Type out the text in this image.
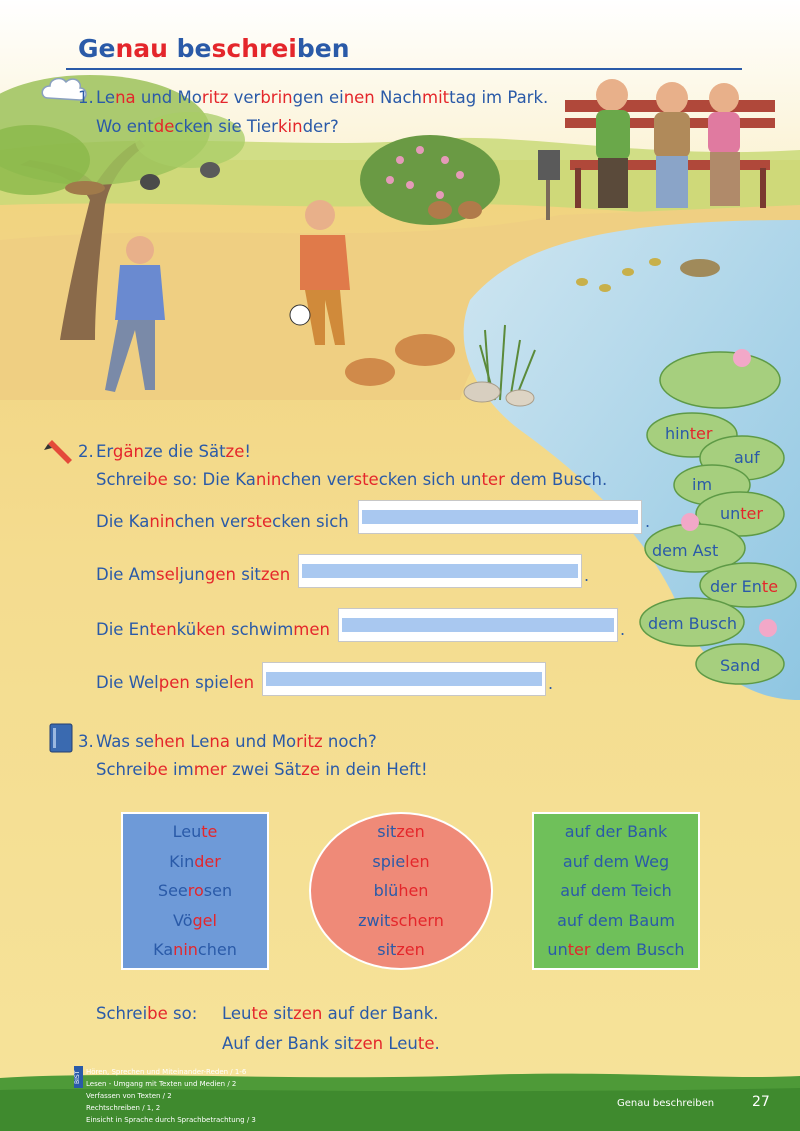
Genau beschreiben
1. Lena und Moritz verbringen einen Nachmittag im Park.
Wo entdecken sie Tierkinder?
2. Ergänze die Sätze!
Schreibe so: Die Kaninchen verstecken sich unter dem Busch.
Die Kaninchen verstecken sich	.
Die Amseljungen sitzen	.
Die Entenküken schwimmen	.
Die Welpen spielen	.
hinter
auf
im
unter
dem Ast
der Ente
dem Busch
Sand
3. Was sehen Lena und Moritz noch?
Schreibe immer zwei Sätze in dein Heft!
Leute
Kinder
Seerosen
Vögel
Kaninchen
sitzen
spielen
blühen
zwitschern
sitzen
auf der Bank
auf dem Weg
auf dem Teich
auf dem Baum
unter dem Busch
Schreibe so: Leute sitzen auf der Bank.
Auf der Bank sitzen Leute.
BIST Hören, Sprechen und Miteinander-Reden / 1-6
Lesen - Umgang mit Texten und Medien / 2
Verfassen von Texten / 2
Rechtschreiben / 1, 2
Einsicht in Sprache durch Sprachbetrachtung / 3
Genau beschreiben	27
